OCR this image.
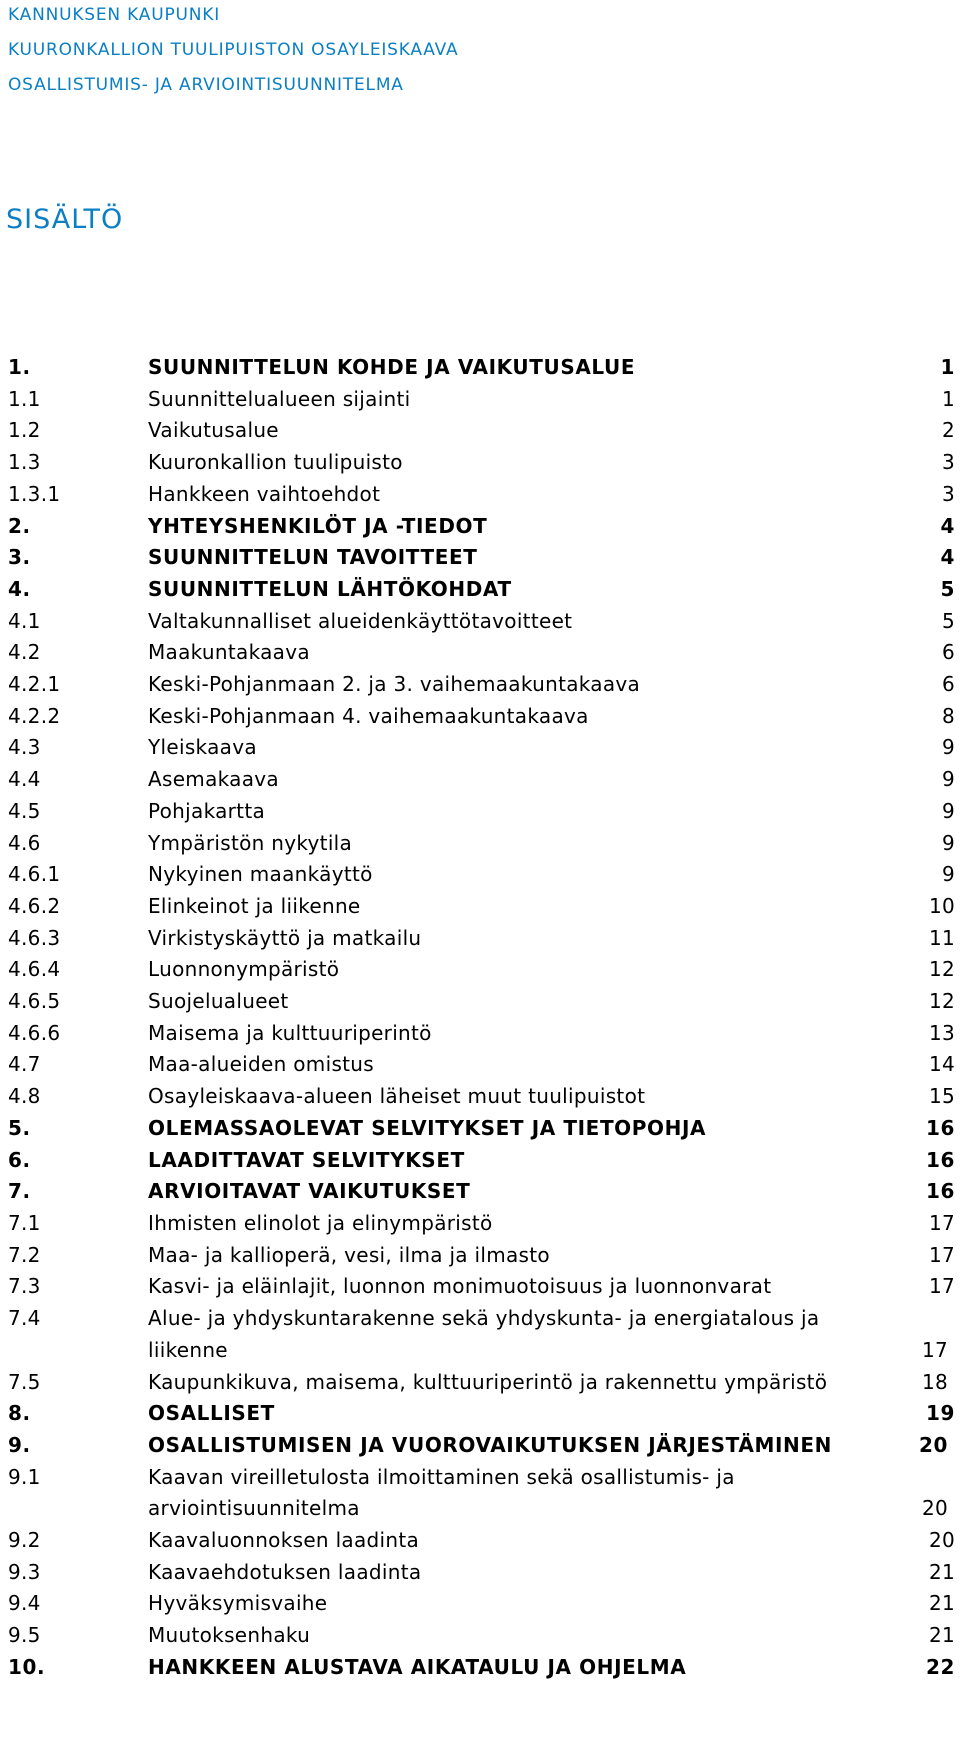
KANNUKSEN KAUPUNKI
KUURONKALLION TUULIPUISTON OSAYLEISKAAVA
OSALLISTUMIS- JA ARVIOINTISUUNNITELMA
SISÄLTÖ
1.	SUUNNITTELUN KOHDE JA VAIKUTUSALUE	1
1.1	Suunnittelualueen sijainti	1
1.2	Vaikutusalue	2
1.3	Kuuronkallion tuulipuisto	3
1.3.1	Hankkeen vaihtoehdot	3
2.	YHTEYSHENKILÖT JA -TIEDOT	4
3.	SUUNNITTELUN TAVOITTEET	4
4.	SUUNNITTELUN LÄHTÖKOHDAT	5
4.1	Valtakunnalliset alueidenkäyttötavoitteet	5
4.2	Maakuntakaava	6
4.2.1	Keski-Pohjanmaan 2. ja 3. vaihemaakuntakaava	6
4.2.2	Keski-Pohjanmaan 4. vaihemaakuntakaava	8
4.3	Yleiskaava	9
4.4	Asemakaava	9
4.5	Pohjakartta	9
4.6	Ympäristön nykytila	9
4.6.1	Nykyinen maankäyttö	9
4.6.2	Elinkeinot ja liikenne	10
4.6.3	Virkistyskäyttö ja matkailu	11
4.6.4	Luonnonympäristö	12
4.6.5	Suojelualueet	12
4.6.6	Maisema ja kulttuuriperintö	13
4.7	Maa-alueiden omistus	14
4.8	Osayleiskaava-alueen läheiset muut tuulipuistot	15
5.	OLEMASSAOLEVAT SELVITYKSET JA TIETOPOHJA	16
6.	LAADITTAVAT SELVITYKSET	16
7.	ARVIOITAVAT VAIKUTUKSET	16
7.1	Ihmisten elinolot ja elinympäristö	17
7.2	Maa- ja kallioperä, vesi, ilma ja ilmasto	17
7.3	Kasvi- ja eläinlajit, luonnon monimuotoisuus ja luonnonvarat	17
7.4	Alue- ja yhdyskuntarakenne sekä yhdyskunta- ja energiatalous ja liikenne	17
7.5	Kaupunkikuva, maisema, kulttuuriperintö ja rakennettu ympäristö	18
8.	OSALLISET	19
9.	OSALLISTUMISEN JA VUOROVAIKUTUKSEN JÄRJESTÄMINEN	20
9.1	Kaavan vireilletulosta ilmoittaminen sekä osallistumis- ja arviointisuunnitelma	20
9.2	Kaavaluonnoksen laadinta	20
9.3	Kaavaehdotuksen laadinta	21
9.4	Hyväksymisvaihe	21
9.5	Muutoksenhaku	21
10.	HANKKEEN ALUSTAVA AIKATAULU JA OHJELMA	22
